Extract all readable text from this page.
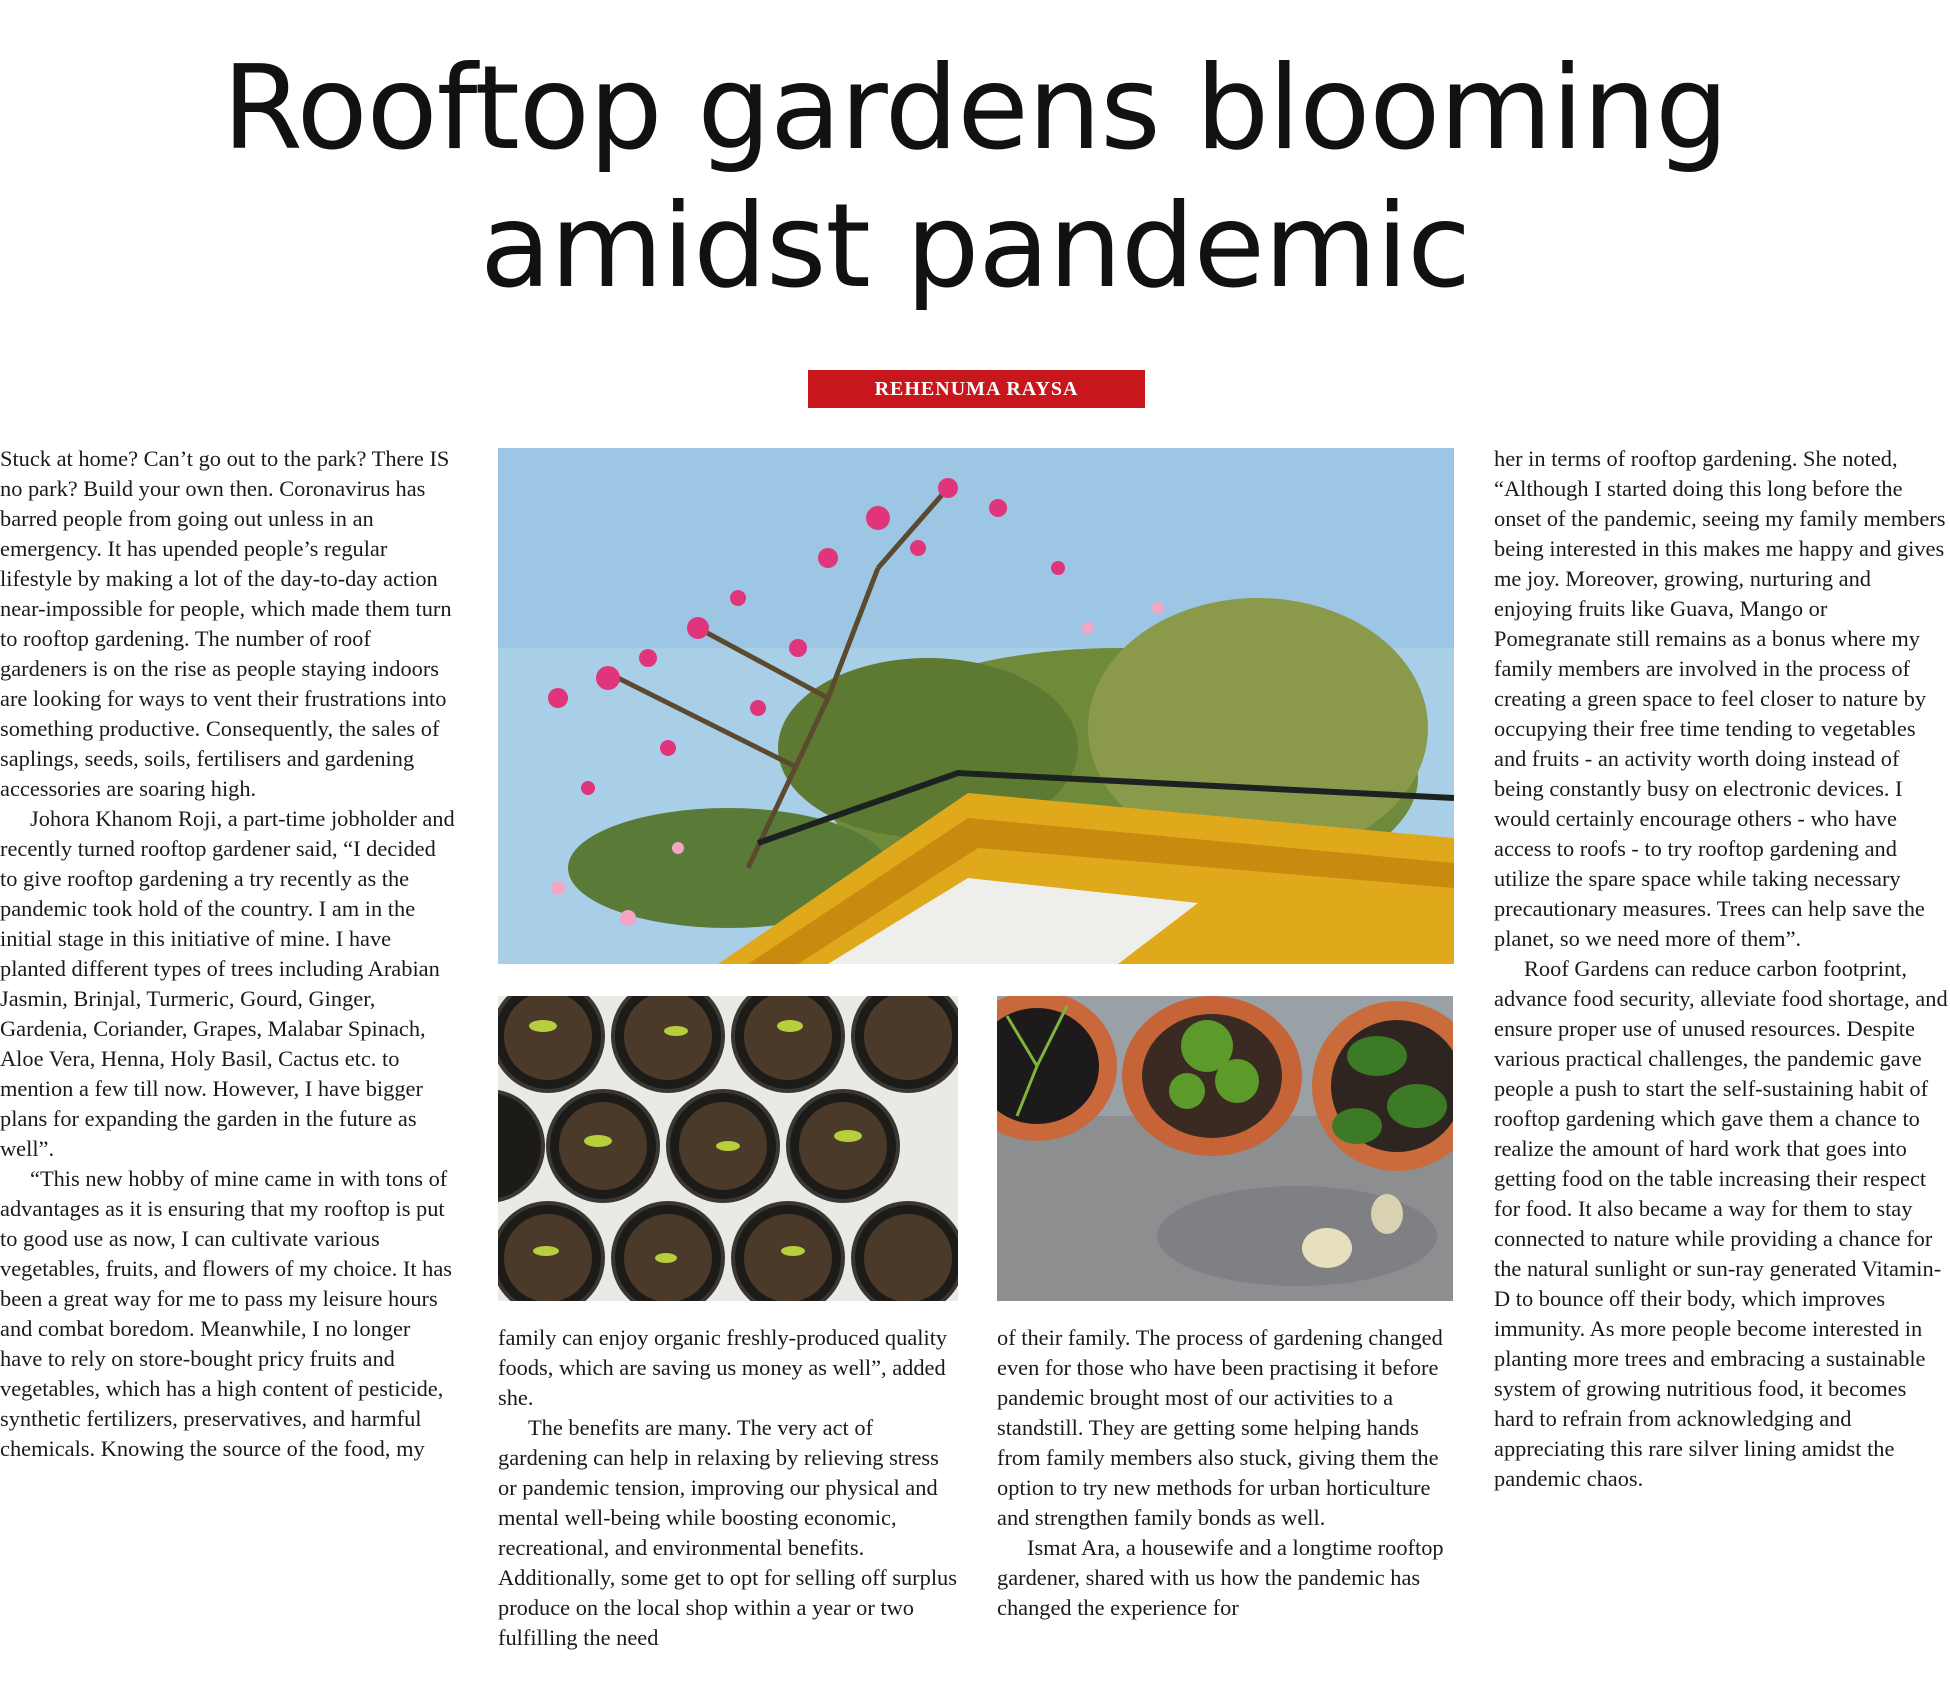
Rooftop gardens blooming
amidst pandemic
REHENUMA RAYSA

Stuck at home? Can’t go out to the park? There IS no park? Build your own then. Coronavirus has barred people from going out unless in an emergency. It has upended people’s regular lifestyle by making a lot of the day-to-day action near-impossible for people, which made them turn to rooftop gardening. The number of roof gardeners is on the rise as people staying indoors are looking for ways to vent their frustrations into something productive. Consequently, the sales of saplings, seeds, soils, fertilisers and gardening accessories are soaring high.

Johora Khanom Roji, a part-time jobholder and recently turned rooftop gardener said, “I decided to give rooftop gardening a try recently as the pandemic took hold of the country. I am in the initial stage in this initiative of mine. I have planted different types of trees including Arabian Jasmin, Brinjal, Turmeric, Gourd, Ginger, Gardenia, Coriander, Grapes, Malabar Spinach, Aloe Vera, Henna, Holy Basil, Cactus etc. to mention a few till now. However, I have bigger plans for expanding the garden in the future as well”.

“This new hobby of mine came in with tons of advantages as it is ensuring that my rooftop is put to good use as now, I can cultivate various vegetables, fruits, and flowers of my choice. It has been a great way for me to pass my leisure hours and combat boredom. Meanwhile, I no longer have to rely on store-bought pricy fruits and vegetables, which has a high content of pesticide, synthetic fertilizers, preservatives, and harmful chemicals. Knowing the source of the food, my

family can enjoy organic freshly-produced quality foods, which are saving us money as well”, added she.

The benefits are many. The very act of gardening can help in relaxing by relieving stress or pandemic tension, improving our physical and mental well-being while boosting economic, recreational, and environmental benefits. Additionally, some get to opt for selling off surplus produce on the local shop within a year or two fulfilling the need

of their family. The process of gardening changed even for those who have been practising it before pandemic brought most of our activities to a standstill. They are getting some helping hands from family members also stuck, giving them the option to try new methods for urban horticulture and strengthen family bonds as well.

Ismat Ara, a housewife and a longtime rooftop gardener, shared with us how the pandemic has changed the experience for

her in terms of rooftop gardening. She noted, “Although I started doing this long before the onset of the pandemic, seeing my family members being interested in this makes me happy and gives me joy. Moreover, growing, nurturing and enjoying fruits like Guava, Mango or Pomegranate still remains as a bonus where my family members are involved in the process of creating a green space to feel closer to nature by occupying their free time tending to vegetables and fruits - an activity worth doing instead of being constantly busy on electronic devices. I would certainly encourage others - who have access to roofs - to try rooftop gardening and utilize the spare space while taking necessary precautionary measures. Trees can help save the planet, so we need more of them”.

Roof Gardens can reduce carbon footprint, advance food security, alleviate food shortage, and ensure proper use of unused resources. Despite various practical challenges, the pandemic gave people a push to start the self-sustaining habit of rooftop gardening which gave them a chance to realize the amount of hard work that goes into getting food on the table increasing their respect for food. It also became a way for them to stay connected to nature while providing a chance for the natural sunlight or sun-ray generated Vitamin-D to bounce off their body, which improves immunity. As more people become interested in planting more trees and embracing a sustainable system of growing nutritious food, it becomes hard to refrain from acknowledging and appreciating this rare silver lining amidst the pandemic chaos.
